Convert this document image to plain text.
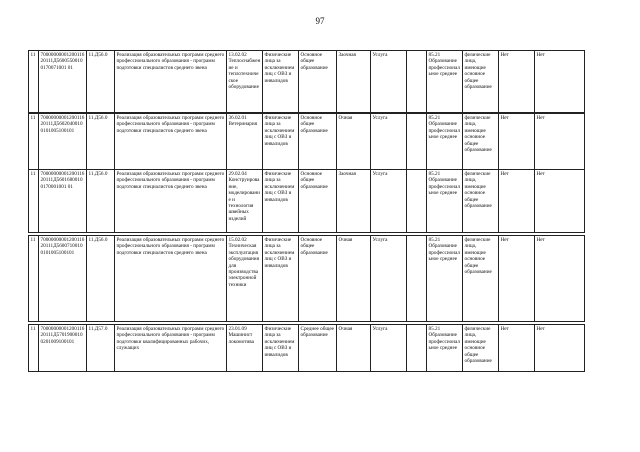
97
11	7000000000120011620111Д56005500100170071001 01	11.Д56.0	Реализация образовательных программ среднего профессионального образования - программ подготовки специалистов среднего звена	13.02.02 Теплоснабжение и теплотехническое оборудование	Физические лица за исключением лиц с ОВЗ и инвалидов	Основное общее образование	Заочная	Услуга		85.21 Образование профессиональное среднее	физические лица, имеющие основное общее образование	Нет	Нет

11	7000000000120011620111Д56020400100101005100101	11.Д56.0	Реализация образовательных программ среднего профессионального образования - программ подготовки специалистов среднего звена	36.02.01 Ветеринария	Физические лица за исключением лиц с ОВЗ и инвалидов	Основное общее образование	Очная	Услуга		85.21 Образование профессиональное среднее	физические лица, имеющие основное общее образование	Нет	Нет
11	7000000000120011620111Д56016800100170001001 01	11.Д56.0	Реализация образовательных программ среднего профессионального образования - программ подготовки специалистов среднего звена	29.02.04 Конструирование, моделирование и технология швейных изделий	Физические лица за исключением лиц с ОВЗ и инвалидов	Основное общее образование	Заочная	Услуга		85.21 Образование профессиональное среднее	физические лица, имеющие основное общее образование	Нет	Нет

11	7000000000120011620111Д56007100100101005100101	11.Д56.0	Реализация образовательных программ среднего профессионального образования - программ подготовки специалистов среднего звена	15.02.02 Техническая эксплуатация оборудования для производства электронной техники	Физические лица за исключением лиц с ОВЗ и инвалидов	Основное общее образование	Очная	Услуга		85.21 Образование профессиональное среднее	физические лица, имеющие основное общее образование	Нет	Нет

11	7000000000120011620111Д57019000100201009100101	11.Д57.0	Реализация образовательных программ среднего профессионального образования - программ подготовки квалифицированных рабочих, служащих	23.01.09 Машинист локомотива	Физические лица за исключением лиц с ОВЗ и инвалидов	Среднее общее образование	Очная	Услуга		85.21 Образование профессиональное среднее	физические лица, имеющие основное общее образование	Нет	Нет
